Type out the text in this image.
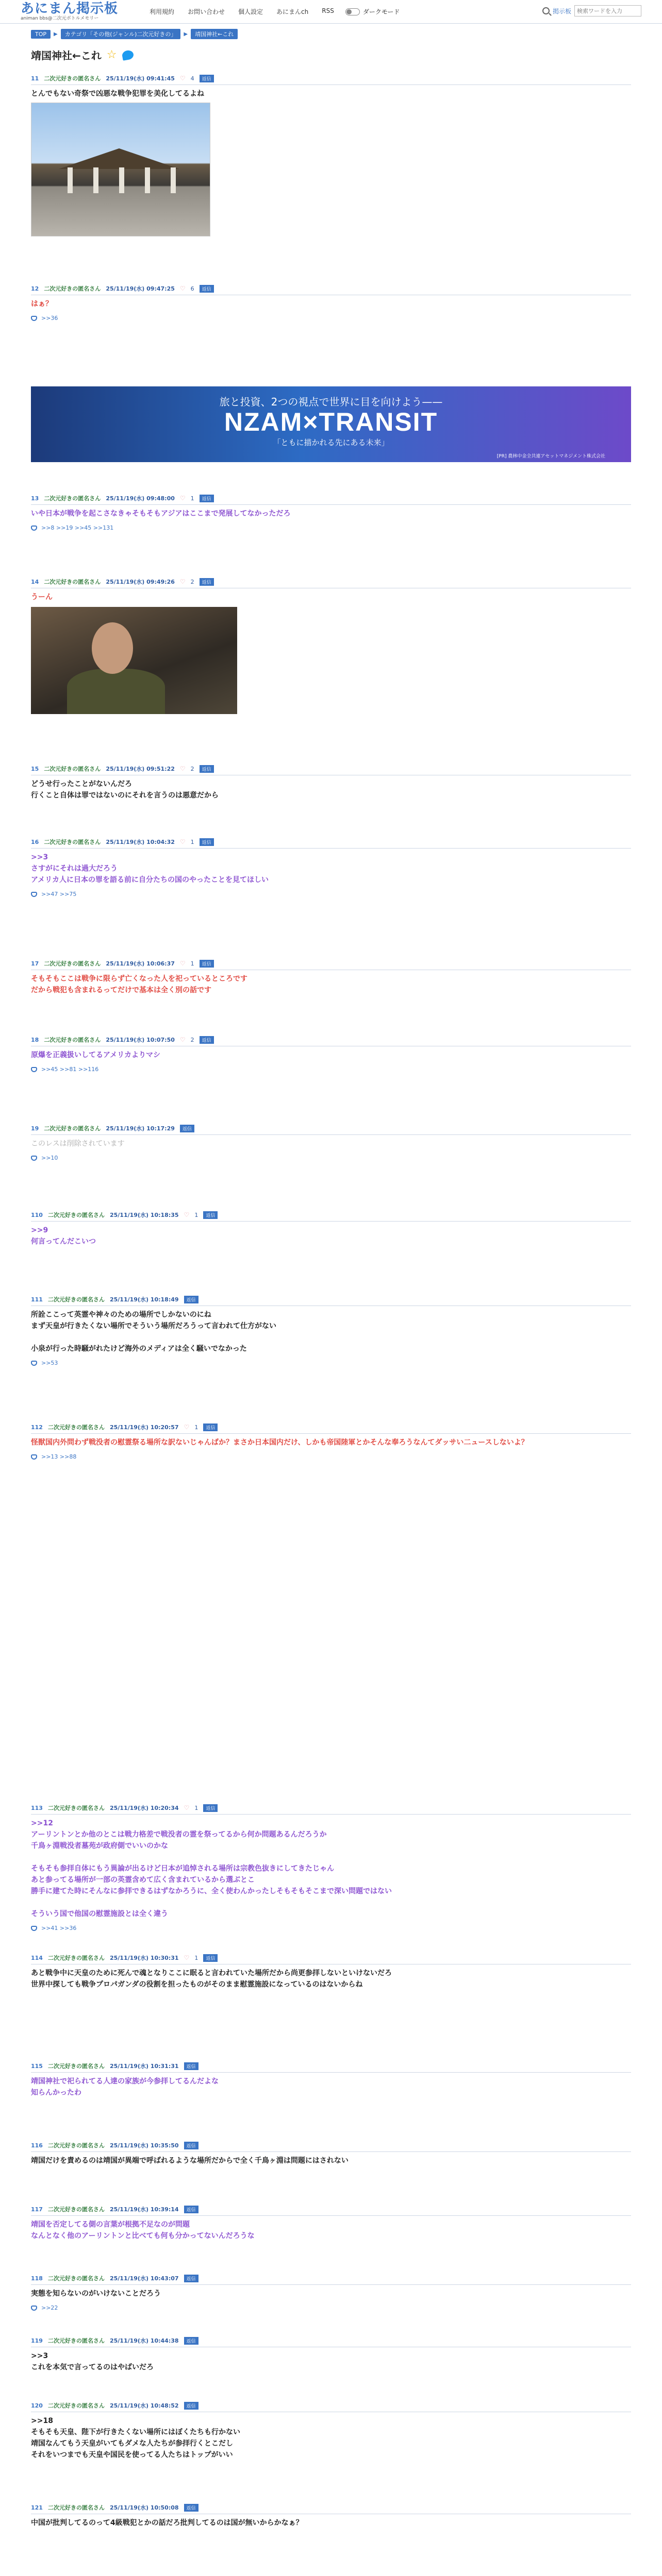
あにまん掲示板
animan bbs@二次元ボトルメモリー
利用規約 お問い合わせ 個人設定 あにまんch RSS	ダークモード	掲示板
検索ワードを入力
TOP	▶	カテゴリ「その他(ジャンル)二次元好きの」	▶	靖国神社←これ
靖国神社←これ ☆
旅と投資、2つの視点で世界に目を向けよう——
NZAM×TRANSIT
「ともに描かれる先にある未来」
[PR] 農林中金全共連アセットマネジメント株式会社
11 二次元好きの匿名さん 25/11/19(水) 09:41:45 ♡ 4	返信
とんでもない奇祭で凶悪な戦争犯罪を美化してるよね
12 二次元好きの匿名さん 25/11/19(水) 09:47:25 ♡ 6	返信
はぁ？
>>36
13 二次元好きの匿名さん 25/11/19(水) 09:48:00 ♡ 1	返信
いや日本が戦争を起こさなきゃそもそもアジアはここまで発展してなかっただろ
>>8 >>19 >>45 >>131
14 二次元好きの匿名さん 25/11/19(水) 09:49:26 ♡ 2	返信
うーん
15 二次元好きの匿名さん 25/11/19(水) 09:51:22 ♡ 2	返信
どうせ行ったことがないんだろ
行くこと自体は罪ではないのにそれを言うのは悪意だから
16 二次元好きの匿名さん 25/11/19(水) 10:04:32 ♡ 1	返信
>>3
さすがにそれは過大だろう
アメリカ人に日本の罪を語る前に自分たちの国のやったことを見てほしい
>>47 >>75
17 二次元好きの匿名さん 25/11/19(水) 10:06:37 ♡ 1	返信
そもそもここは戦争に限らず亡くなった人を祀っているところです
だから戦犯も含まれるってだけで基本は全く別の話です
18 二次元好きの匿名さん 25/11/19(水) 10:07:50 ♡ 2	返信
原爆を正義扱いしてるアメリカよりマシ
>>45 >>81 >>116
19 二次元好きの匿名さん 25/11/19(水) 10:17:29	返信
このレスは削除されています
>>10
110 二次元好きの匿名さん 25/11/19(水) 10:18:35 ♡ 1	返信
>>9
何言ってんだこいつ
111 二次元好きの匿名さん 25/11/19(水) 10:18:49	返信
所詮ここって英霊や神々のための場所でしかないのにね
まず天皇が行きたくない場所でそういう場所だろうって言われて仕方がない
小泉が行った時騒がれたけど海外のメディアは全く騒いでなかった
>>53
112 二次元好きの匿名さん 25/11/19(水) 10:20:57 ♡ 1	返信
怪獣国内外問わず戦没者の慰霊祭る場所な訳ないじゃんばか？まさか日本国内だけ、しかも帝国陸軍とかそんな奉ろうなんてダッサい二ュースしないよ？
>>13 >>88
113 二次元好きの匿名さん 25/11/19(水) 10:20:34 ♡ 1	返信
>>12
アーリントンとか他のとこは戦力格差で戦没者の霊を祭ってるから何か問題あるんだろうか
千鳥ヶ淵戦没者墓苑が政府側でいいのかな
そもそも参拝自体にもう異論が出るけど日本が追悼される場所は宗教色抜きにしてきたじゃん
あと参ってる場所が一部の英霊含めて広く含まれているから選ぶとこ
勝手に建てた時にそんなに参拝できるはずなかろうに、全く使わんかったしそもそもそこまで深い問題ではない
そういう国で他国の慰霊施設とは全く違う
>>41 >>36
114 二次元好きの匿名さん 25/11/19(水) 10:30:31 ♡ 1	返信
あと戦争中に天皇のために死んで魂となりここに眠ると言われていた場所だから尚更参拝しないといけないだろ
世界中探しても戦争プロパガンダの役割を担ったものがそのまま慰霊施設になっているのはないからね
115 二次元好きの匿名さん 25/11/19(水) 10:31:31	返信
靖国神社で祀られてる人達の家族が今参拝してるんだよな
知らんかったわ
116 二次元好きの匿名さん 25/11/19(水) 10:35:50	返信
靖国だけを責めるのは靖国が異端で呼ばれるような場所だからで全く千鳥ヶ淵は問題にはされない
117 二次元好きの匿名さん 25/11/19(水) 10:39:14	返信
靖国を否定してる側の言葉が根拠不足なのが問題
なんとなく他のアーリントンと比べても何も分かってないんだろうな
118 二次元好きの匿名さん 25/11/19(水) 10:43:07	返信
実態を知らないのがいけないことだろう
>>22
119 二次元好きの匿名さん 25/11/19(水) 10:44:38	返信
>>3
これを本気で言ってるのはやばいだろ
120 二次元好きの匿名さん 25/11/19(水) 10:48:52	返信
>>18
そもそも天皇、陛下が行きたくない場所にはぼくたちも行かない
靖国なんてもう天皇がいてもダメな人たちが参拝行くとこだし
それをいつまでも天皇や国民を使ってる人たちはトップがいい
121 二次元好きの匿名さん 25/11/19(水) 10:50:08	返信
中国が批判してるのって4級戦犯とかの話だろ批判してるのは国が無いからかなぁ？
